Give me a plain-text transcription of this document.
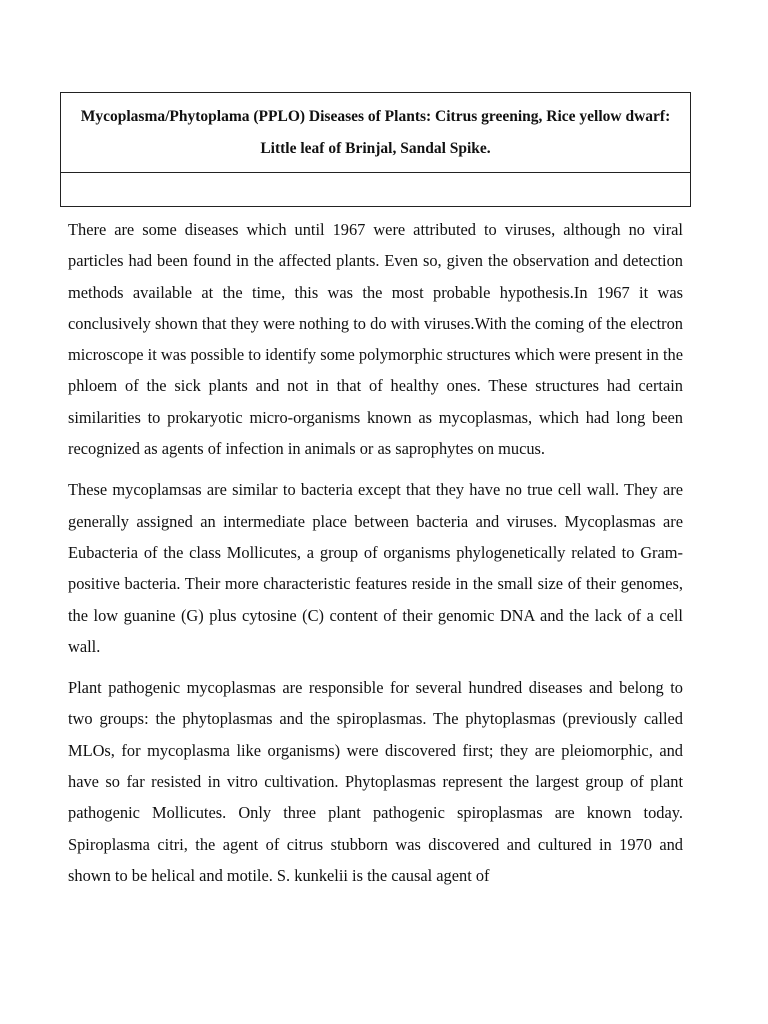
Mycoplasma/Phytoplama (PPLO) Diseases of Plants: Citrus greening, Rice yellow dwarf: Little leaf of Brinjal, Sandal Spike.

There are some diseases which until 1967 were attributed to viruses, although no viral particles had been found in the affected plants. Even so, given the observation and detection methods available at the time, this was the most probable hypothesis.In 1967 it was conclusively shown that they were nothing to do with viruses.With the coming of the electron microscope it was possible to identify some polymorphic structures which were present in the phloem of the sick plants and not in that of healthy ones. These structures had certain similarities to prokaryotic micro-organisms known as mycoplasmas, which had long been recognized as agents of infection in animals or as saprophytes on mucus.

These mycoplamsas are similar to bacteria except that they have no true cell wall. They are generally assigned an intermediate place between bacteria and viruses. Mycoplasmas are Eubacteria of the class Mollicutes, a group of organisms phylogenetically related to Gram-positive bacteria. Their more characteristic features reside in the small size of their genomes, the low guanine (G) plus cytosine (C) content of their genomic DNA and the lack of a cell wall.

Plant pathogenic mycoplasmas are responsible for several hundred diseases and belong to two groups: the phytoplasmas and the spiroplasmas. The phytoplasmas (previously called MLOs, for mycoplasma like organisms) were discovered first; they are pleiomorphic, and have so far resisted in vitro cultivation. Phytoplasmas represent the largest group of plant pathogenic Mollicutes. Only three plant pathogenic spiroplasmas are known today. Spiroplasma citri, the agent of citrus stubborn was discovered and cultured in 1970 and shown to be helical and motile. S. kunkelii is the causal agent of
